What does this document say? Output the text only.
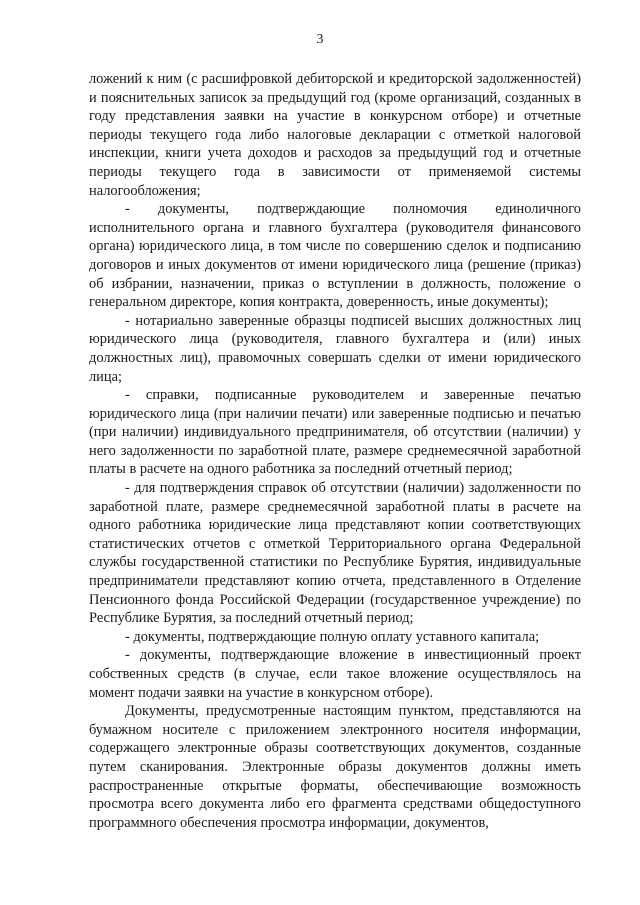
3

ложений к ним (с расшифровкой дебиторской и кредиторской задолженностей) и пояснительных записок за предыдущий год (кроме организаций, созданных в году представления заявки на участие в конкурсном отборе) и отчетные периоды текущего года либо налоговые декларации с отметкой налоговой инспекции, книги учета доходов и расходов за предыдущий год и отчетные периоды текущего года в зависимости от применяемой системы налогообложения;

- документы, подтверждающие полномочия единоличного исполнительного органа и главного бухгалтера (руководителя финансового органа) юридического лица, в том числе по совершению сделок и подписанию договоров и иных документов от имени юридического лица (решение (приказ) об избрании, назначении, приказ о вступлении в должность, положение о генеральном директоре, копия контракта, доверенность, иные документы);

- нотариально заверенные образцы подписей высших должностных лиц юридического лица (руководителя, главного бухгалтера и (или) иных должностных лиц), правомочных совершать сделки от имени юридического лица;

- справки, подписанные руководителем и заверенные печатью юридического лица (при наличии печати) или заверенные подписью и печатью (при наличии) индивидуального предпринимателя, об отсутствии (наличии) у него задолженности по заработной плате, размере среднемесячной заработной платы в расчете на одного работника за последний отчетный период;

- для подтверждения справок об отсутствии (наличии) задолженности по заработной плате, размере среднемесячной заработной платы в расчете на одного работника юридические лица представляют копии соответствующих статистических отчетов с отметкой Территориального органа Федеральной службы государственной статистики по Республике Бурятия, индивидуальные предприниматели представляют копию отчета, представленного в Отделение Пенсионного фонда Российской Федерации (государственное учреждение) по Республике Бурятия, за последний отчетный период;

- документы, подтверждающие полную оплату уставного капитала;

- документы, подтверждающие вложение в инвестиционный проект собственных средств (в случае, если такое вложение осуществлялось на момент подачи заявки на участие в конкурсном отборе).

Документы, предусмотренные настоящим пунктом, представляются на бумажном носителе с приложением электронного носителя информации, содержащего электронные образы соответствующих документов, созданные путем сканирования. Электронные образы документов должны иметь распространенные открытые форматы, обеспечивающие возможность просмотра всего документа либо его фрагмента средствами общедоступного программного обеспечения просмотра информации, документов,
